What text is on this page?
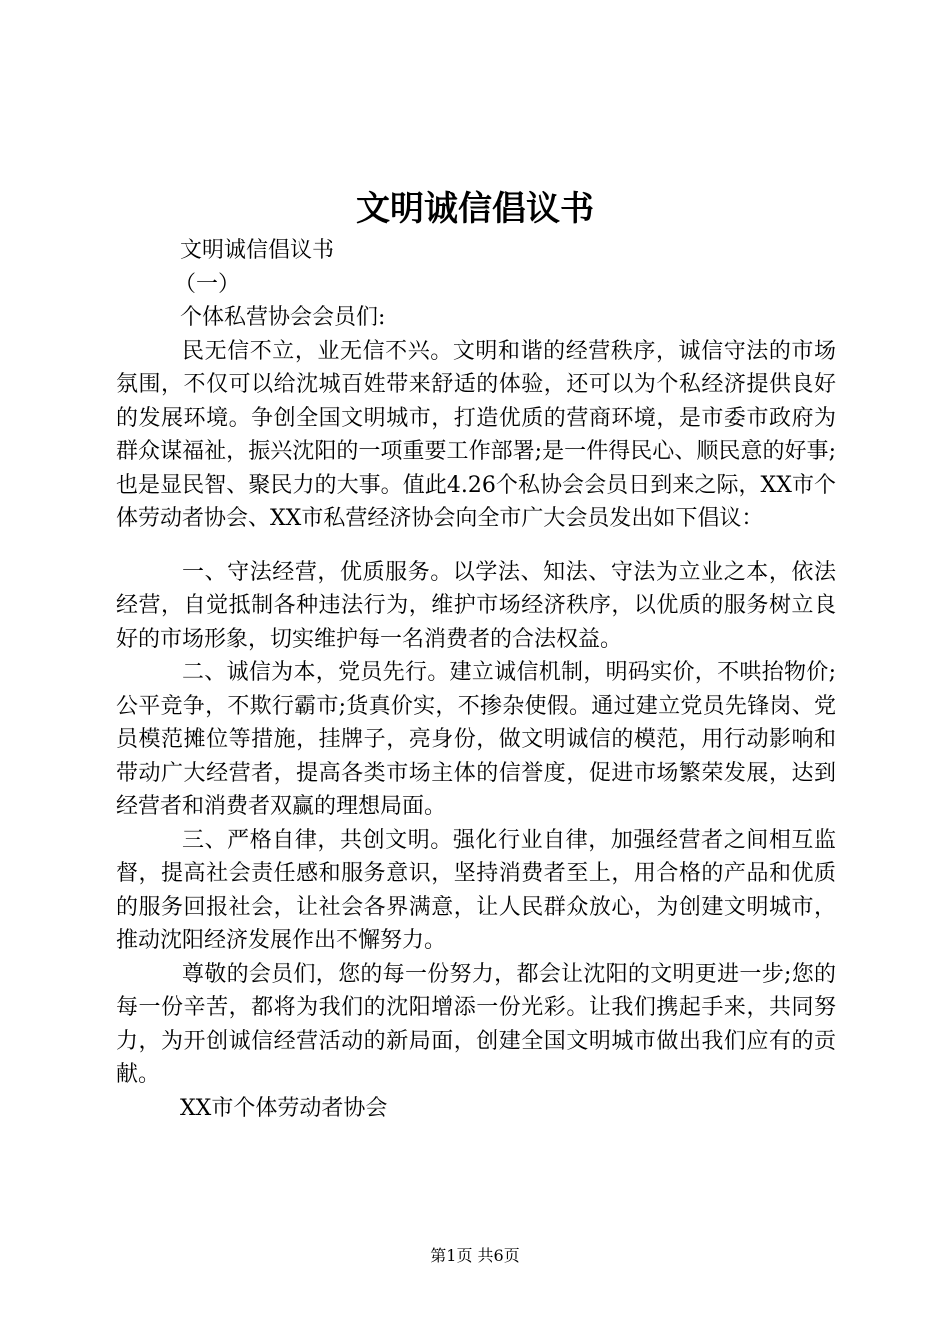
文明诚信倡议书

文明诚信倡议书

（一）

个体私营协会会员们:

民无信不立，业无信不兴。文明和谐的经营秩序，诚信守法的市场氛围，不仅可以给沈城百姓带来舒适的体验，还可以为个私经济提供良好的发展环境。争创全国文明城市，打造优质的营商环境，是市委市政府为群众谋福祉，振兴沈阳的一项重要工作部署;是一件得民心、顺民意的好事;也是显民智、聚民力的大事。值此4.26个私协会会员日到来之际，XX市个体劳动者协会、XX市私营经济协会向全市广大会员发出如下倡议：

一、守法经营，优质服务。以学法、知法、守法为立业之本，依法经营，自觉抵制各种违法行为，维护市场经济秩序，以优质的服务树立良好的市场形象，切实维护每一名消费者的合法权益。

二、诚信为本，党员先行。建立诚信机制，明码实价，不哄抬物价;公平竞争，不欺行霸市;货真价实，不掺杂使假。通过建立党员先锋岗、党员模范摊位等措施，挂牌子，亮身份，做文明诚信的模范，用行动影响和带动广大经营者，提高各类市场主体的信誉度，促进市场繁荣发展，达到经营者和消费者双赢的理想局面。

三、严格自律，共创文明。强化行业自律，加强经营者之间相互监督，提高社会责任感和服务意识，坚持消费者至上，用合格的产品和优质的服务回报社会，让社会各界满意，让人民群众放心，为创建文明城市，推动沈阳经济发展作出不懈努力。

尊敬的会员们，您的每一份努力，都会让沈阳的文明更进一步;您的每一份辛苦，都将为我们的沈阳增添一份光彩。让我们携起手来，共同努力，为开创诚信经营活动的新局面，创建全国文明城市做出我们应有的贡献。

XX市个体劳动者协会

第1页 共6页
